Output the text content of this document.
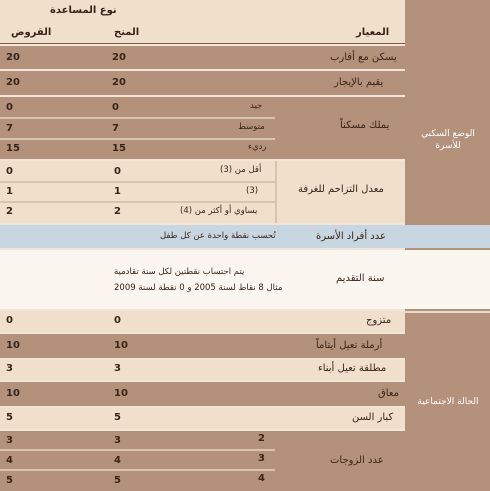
نوع المساعدة
القروض	المنح	المعيار
يسكن مع أقارب
20
20
يقيم بالإيجار
20
20
يملك مسكناً
جيد
متوسط
رديء
0
0
7
7
15
15
معدل التزاحم للغرفة
أقل من (3)
(3)
يساوي أو أكثر من (4)
0
0
1
1
2
2
الوضع السكني للأسرة
عدد أفراد الأسرة
تُحسب نقطة واحدة عن كل طفل
سنة التقديم
يتم احتساب نقطتين لكل سنة تقادمية
مثال 8 نقاط لسنة 2005 و 0 نقطة لسنة 2009
متزوج
0
0
أرملة تعيل أيتاماً
10
10
مطلقة تعيل أبناء
3
3
معاق
10
10
كبار السن
5
5
عدد الزوجات
2
3
4
3
3
4
4
5
5
الحالة الاجتماعية
